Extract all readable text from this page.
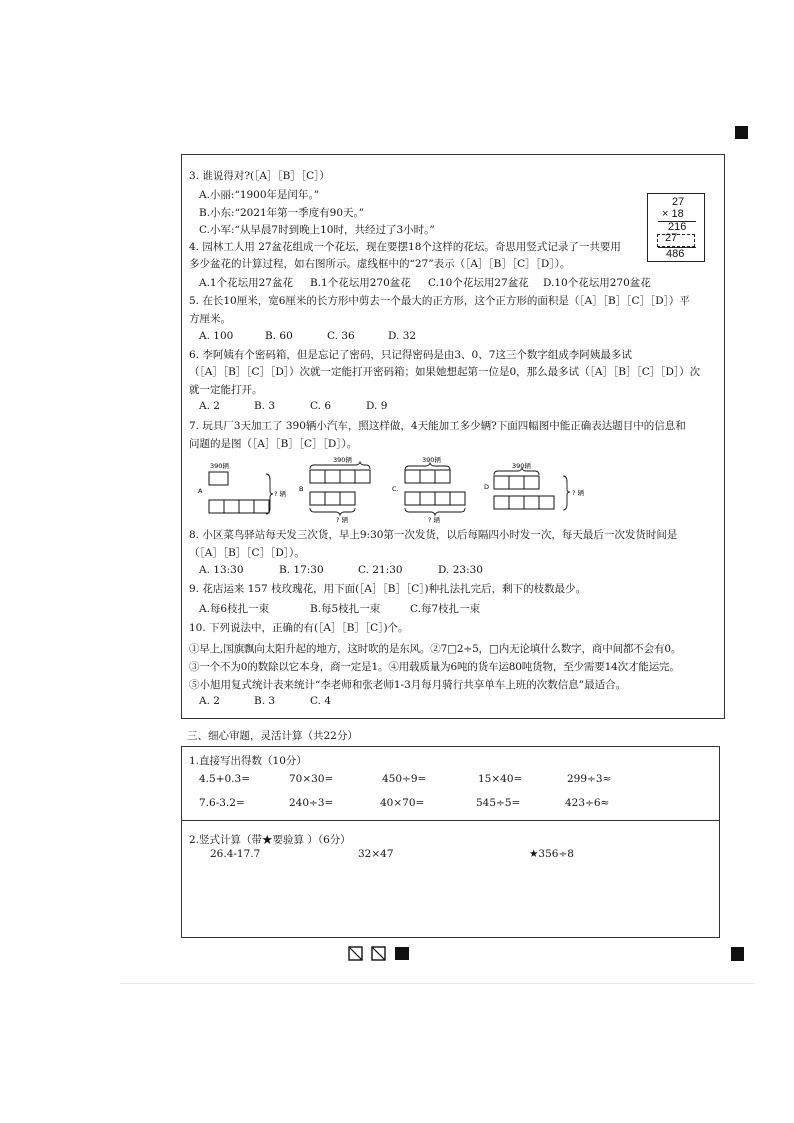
3. 谁说得对?(［A］［B］［C］）
A.小丽:“1900年是闰年。”
B.小东:“2021年第一季度有90天。”
C.小军:“从早晨7时到晚上10时，共经过了3小时。”
27
× 18
216
27
486
4. 园林工人用 27盆花组成一个花坛，现在要摆18个这样的花坛。奇思用竖式记录了一共要用
多少盆花的计算过程，如右图所示。虚线框中的“27”表示（［A］［B］［C］［D］）。
A.1个花坛用27盆花 B.1个花坛用270盆花 C.10个花坛用27盆花 D.10个花坛用270盆花
5. 在长10厘米，宽6厘米的长方形中剪去一个最大的正方形，这个正方形的面积是（［A］［B］［C］［D］）平
方厘米。
A. 100	B. 60	C. 36	D. 32
6. 李阿姨有个密码箱，但是忘记了密码，只记得密码是由3、0、7这三个数字组成李阿姨最多试
（［A］［B］［C］［D］）次就一定能打开密码箱；如果她想起第一位是0，那么最多试（［A］［B］［C］［D］）次
就一定能打开。
A. 2	B. 3	C. 6	D. 9
7. 玩具厂3天加工了 390辆小汽车，照这样做，4天能加工多少辆?下面四幅图中能正确表达题目中的信息和
问题的是图（［A］［B］［C］［D］）。
390辆
A	? 辆
390辆
B
? 辆
390辆
C.
? 辆
390辆
D
? 辆
8. 小区菜鸟驿站每天发三次货，早上9:30第一次发货，以后每隔四小时发一次，每天最后一次发货时间是
（［A］［B］［C］［D］）。
A. 13:30	B. 17:30	C. 21:30	D. 23:30
9. 花店运来 157 枝玫瑰花，用下面(［A］［B］［C］)种扎法扎完后，剩下的枝数最少。
A.每6枝扎一束	B.每5枝扎一束	C.每7枝扎一束
10. 下列说法中，正确的有(［A］［B］［C］)个。
①早上,国旗飘向太阳升起的地方，这时吹的是东风。②7□2÷5，□内无论填什么数字，商中间都不会有0。
③一个不为0的数除以它本身，商一定是1。④用载质量为6吨的货车运80吨货物，至少需要14次才能运完。
⑤小旭用复式统计表来统计“李老师和张老师1-3月每月骑行共享单车上班的次数信息”最适合。
A. 2	B. 3	C. 4
三、细心审题，灵活计算（共22分）
1.直接写出得数（10分）
4.5+0.3=	70×30=	450÷9=	15×40=	299÷3≈
7.6-3.2=	240÷3=	40×70=	545÷5=	423÷6≈
2.竖式计算（带★要验算 ）（6分）
26.4-17.7	32×47	★356÷8
